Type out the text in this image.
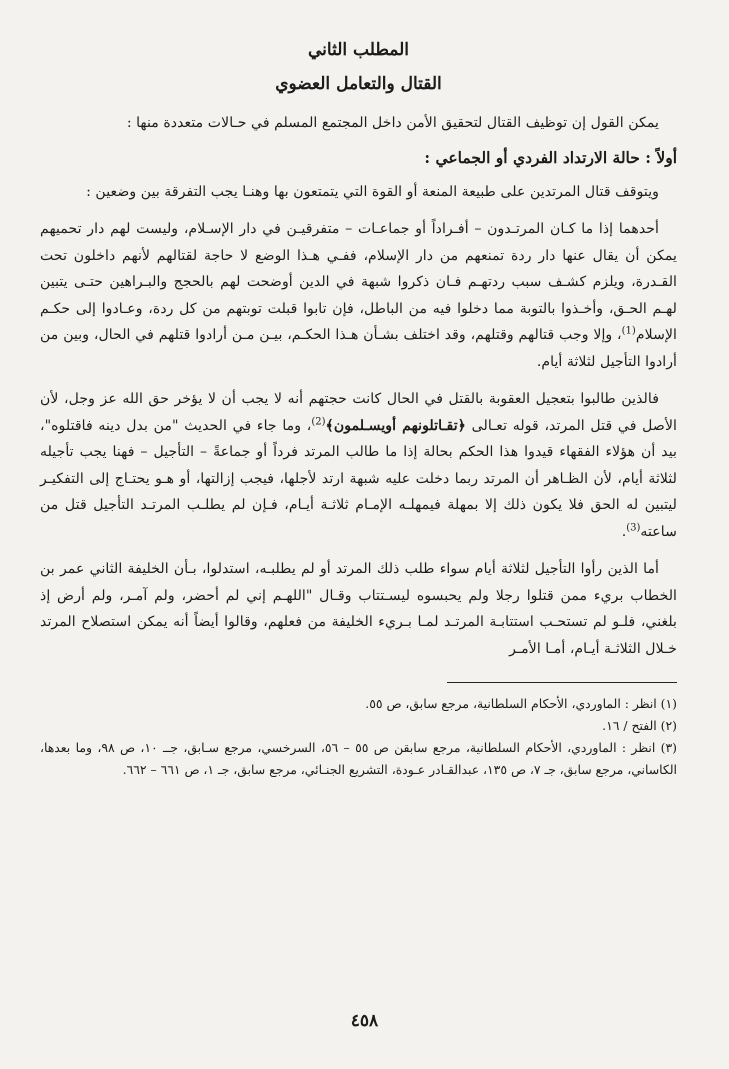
المطلب الثاني
القتال والتعامل العضوي

يمكن القول إن توظيف القتال لتحقيق الأمن داخل المجتمع المسلم في حـالات متعددة منها :

أولاً : حالة الارتداد الفردي أو الجماعي :

ويتوقف قتال المرتدين على طبيعة المنعة أو القوة التي يتمتعون بها وهنـا يجب التفرقة بين وضعين :

أحدهما إذا ما كـان المرتـدون – أفـراداً أو جماعـات – متفرقيـن في دار الإسـلام، وليست لهم دار تحميهم يمكن أن يقال عنها دار ردة تمنعهم من دار الإسلام، ففـي هـذا الوضع لا حاجة لقتالهم لأنهم داخلون تحت القـدرة، ويلزم كشـف سبب ردتهـم فـان ذكروا شبهة في الدين أوضحت لهم بالحجج والبـراهين حتـى يتبين لهـم الحـق، وأخـذوا بالتوبة مما دخلوا فيه من الباطل، فإن تابوا قبلت توبتهم من كل ردة، وعـادوا إلى حكـم الإسلام$^{(1)}$، وإلا وجب قتالهم وقتلهم، وقد اختلف بشـأن هـذا الحكـم، بيـن مـن أرادوا قتلهم في الحال، وبين من أرادوا التأجيل لثلاثة أيام.

فالذين طالبوا بتعجيل العقوبة بالقتل في الحال كانت حجتهم أنه لا يجب أن لا يؤخر حق الله عز وجل، لأن الأصل في قتل المرتد، قوله تعـالى ﴿تقـاتلونهم أويسـلمون﴾$^{(2)}$، وما جاء في الحديث "من بدل دينه فاقتلوه"، بيد أن هؤلاء الفقهاء قيدوا هذا الحكم بحالة إذا ما طالب المرتد فرداً أو جماعةً – التأجيل – فهنا يجب تأجيله لثلاثة أيام، لأن الظـاهر أن المرتد ربما دخلت عليه شبهة ارتد لأجلها، فيجب إزالتها، أو هـو يحتـاج إلى التفكيـر ليتبين له الحق فلا يكون ذلك إلا بمهلة فيمهلـه الإمـام ثلاثـة أيـام، فـإن لم يطلـب المرتـد التأجيل قتل من ساعته$^{(3)}$.

أما الذين رأوا التأجيل لثلاثة أيام سواء طلب ذلك المرتد أو لم يطلبـه، استدلوا، بـأن الخليفة الثاني عمر بن الخطاب بريء ممن قتلوا رجلا ولم يحبسوه ليسـتتاب وقـال "اللهـم إني لم أحضر، ولم آمـر، ولم أرض إذ بلغني، فلـو لم تستحـب استتابـة المرتـد لمـا بـريء الخليفة من فعلهم، وقالوا أيضاً أنه يمكن استصلاح المرتد خـلال الثلاثـة أيـام، أمـا الأمـر

(١) انظر : الماوردي، الأحكام السلطانية، مرجع سابق، ص ٥٥.

(٢) الفتح / ١٦.

(٣) انظر : الماوردي، الأحكام السلطانية، مرجع سابقن ص ٥٥ – ٥٦، السرخسي، مرجع سـابق، جــ ١٠، ص ٩٨، وما بعدها، الكاساني، مرجع سابق، جـ ٧، ص ١٣٥، عبدالقـادر عـودة، التشريع الجنـائي، مرجع سابق، جـ ١، ص ٦٦١ – ٦٦٢.

٤٥٨
